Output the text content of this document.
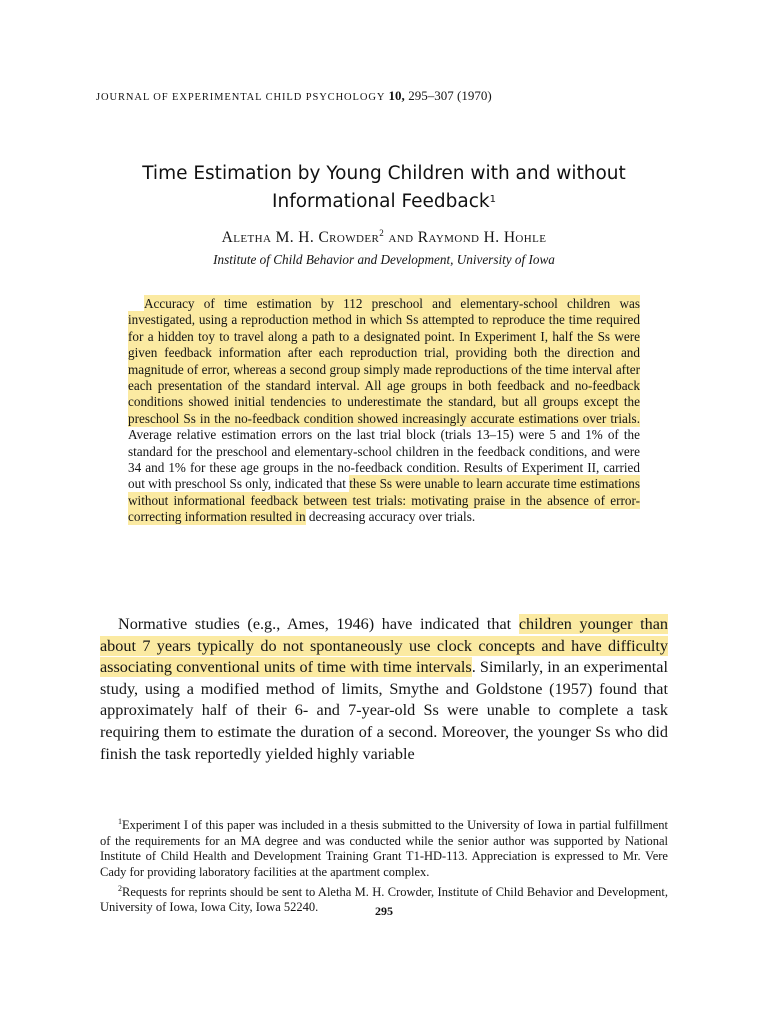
JOURNAL OF EXPERIMENTAL CHILD PSYCHOLOGY 10, 295–307 (1970)
Time Estimation by Young Children with and without
Informational Feedback$^1$
Aletha M. H. Crowder$^2$ and Raymond H. Hohle
Institute of Child Behavior and Development, University of Iowa
Accuracy of time estimation by 112 preschool and elementary-school children was investigated, using a reproduction method in which Ss attempted to reproduce the time required for a hidden toy to travel along a path to a designated point. In Experiment I, half the Ss were given feedback information after each reproduction trial, providing both the direction and magnitude of error, whereas a second group simply made reproductions of the time interval after each presentation of the standard interval. All age groups in both feedback and no-feedback conditions showed initial tendencies to underestimate the standard, but all groups except the preschool Ss in the no-feedback condition showed increasingly accurate estimations over trials. Average relative estimation errors on the last trial block (trials 13–15) were 5 and 1% of the standard for the preschool and elementary-school children in the feedback conditions, and were 34 and 1% for these age groups in the no-feedback condition. Results of Experiment II, carried out with preschool Ss only, indicated that these Ss were unable to learn accurate time estimations without informational feedback between test trials: motivating praise in the absence of error-correcting information resulted in decreasing accuracy over trials.
Normative studies (e.g., Ames, 1946) have indicated that children younger than about 7 years typically do not spontaneously use clock concepts and have difficulty associating conventional units of time with time intervals. Similarly, in an experimental study, using a modified method of limits, Smythe and Goldstone (1957) found that approximately half of their 6- and 7-year-old Ss were unable to complete a task requiring them to estimate the duration of a second. Moreover, the younger Ss who did finish the task reportedly yielded highly variable

$^1$Experiment I of this paper was included in a thesis submitted to the University of Iowa in partial fulfillment of the requirements for an MA degree and was conducted while the senior author was supported by National Institute of Child Health and Development Training Grant T1-HD-113. Appreciation is expressed to Mr. Vere Cady for providing laboratory facilities at the apartment complex.

$^2$Requests for reprints should be sent to Aletha M. H. Crowder, Institute of Child Behavior and Development, University of Iowa, Iowa City, Iowa 52240.	295
